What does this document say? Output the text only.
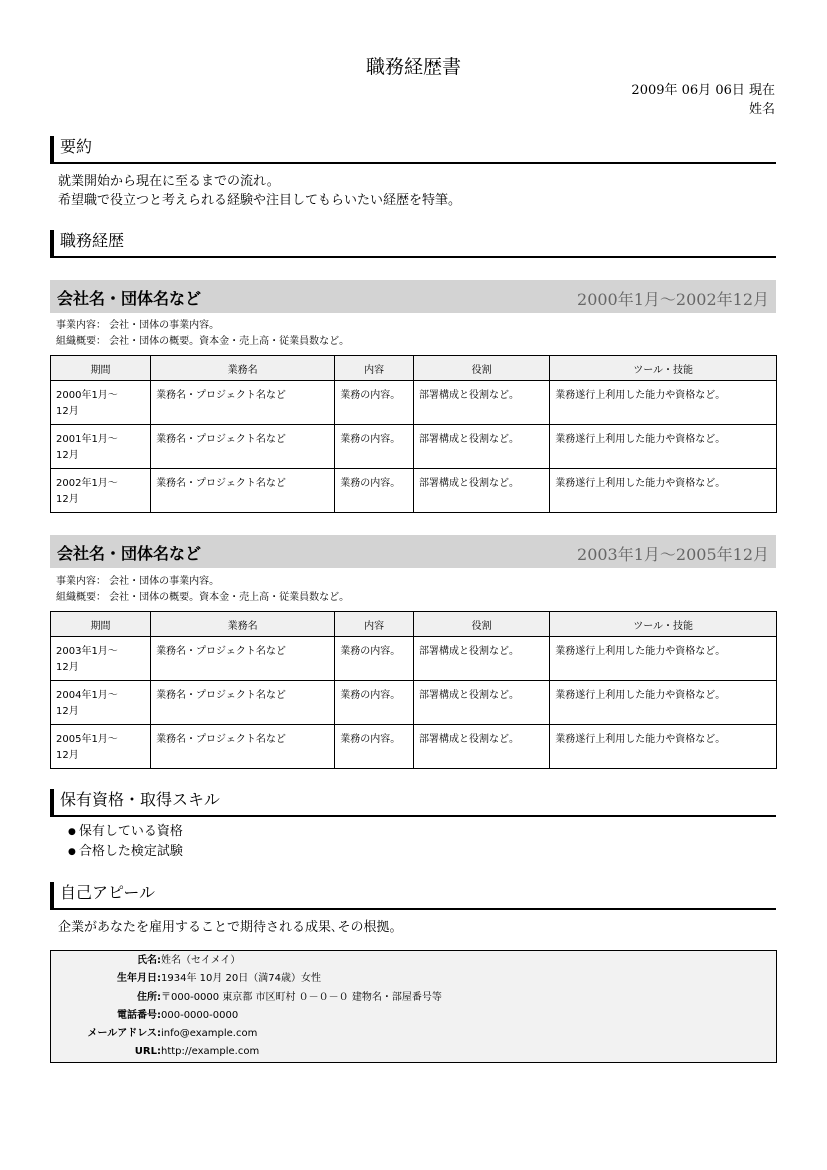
職務経歴書
2009年 06月 06日 現在
姓名
要約
就業開始から現在に至るまでの流れ。
希望職で役立つと考えられる経験や注目してもらいたい経歴を特筆。
職務経歴
会社名・団体名など	2000年1月～2002年12月
事業内容： 会社・団体の事業内容。
組織概要： 会社・団体の概要。資本金・売上高・従業員数など。
期間	業務名	内容	役割	ツール・技能
2000年1月～
12月	業務名・プロジェクト名など	業務の内容。	部署構成と役割など。	業務遂行上利用した能力や資格など。
2001年1月～
12月	業務名・プロジェクト名など	業務の内容。	部署構成と役割など。	業務遂行上利用した能力や資格など。
2002年1月～
12月	業務名・プロジェクト名など	業務の内容。	部署構成と役割など。	業務遂行上利用した能力や資格など。
会社名・団体名など	2003年1月～2005年12月
事業内容： 会社・団体の事業内容。
組織概要： 会社・団体の概要。資本金・売上高・従業員数など。
期間	業務名	内容	役割	ツール・技能
2003年1月～
12月	業務名・プロジェクト名など	業務の内容。	部署構成と役割など。	業務遂行上利用した能力や資格など。
2004年1月～
12月	業務名・プロジェクト名など	業務の内容。	部署構成と役割など。	業務遂行上利用した能力や資格など。
2005年1月～
12月	業務名・プロジェクト名など	業務の内容。	部署構成と役割など。	業務遂行上利用した能力や資格など。
保有資格・取得スキル
● 保有している資格
● 合格した検定試験
自己アピール
企業があなたを雇用することで期待される成果､その根拠。
氏名:姓名（セイメイ）
生年月日:1934年 10月 20日（満74歳）女性
住所:〒000-0000 東京都 市区町村 ０－０－０ 建物名・部屋番号等
電話番号:000-0000-0000
メールアドレス:info@example.com
URL:http://example.com
